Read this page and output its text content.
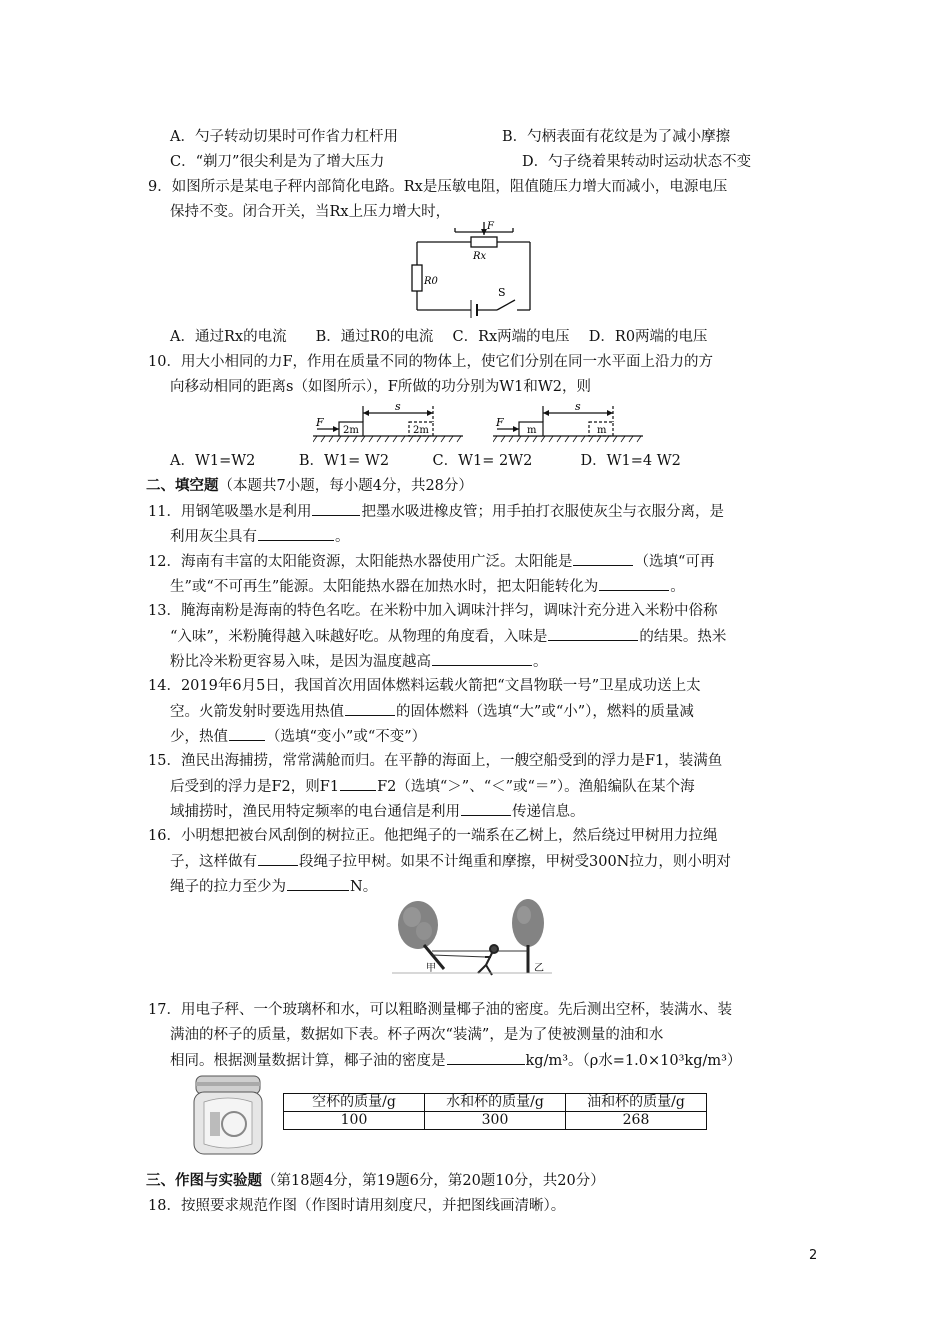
A．勺子转动切果时可作省力杠杆用	B．勺柄表面有花纹是为了减小摩擦
C．“剃刀”很尖利是为了增大压力	D．勺子绕着果转动时运动状态不变
9．如图所示是某电子秤内部简化电路。Rx是压敏电阻，阻值随压力增大而减小，电源电压
保持不变。闭合开关，当Rx上压力增大时，
F
Rx
R0
S
A．通过Rx的电流　　B．通过R0的电流　 C．Rx两端的电压　 D．R0两端的电压
10．用大小相同的力F，作用在质量不同的物体上，使它们分别在同一水平面上沿力的方
向移动相同的距离s（如图所示），F所做的功分别为W1和W2，则
F
s
2m	2m
F
s
m	m
A．W1=W2　　　B．W1= W2　　　C．W1= 2W2　　　 D．W1=4 W2
二、填空题（本题共7小题，每小题4分，共28分）
11．用钢笔吸墨水是利用	把墨水吸进橡皮管；用手拍打衣服使灰尘与衣服分离，是
利用灰尘具有	。
12．海南有丰富的太阳能资源，太阳能热水器使用广泛。太阳能是	（选填“可再
生”或“不可再生”能源。太阳能热水器在加热水时，把太阳能转化为	。
13．腌海南粉是海南的特色名吃。在米粉中加入调味汁拌匀，调味汁充分进入米粉中俗称
“入味”，米粉腌得越入味越好吃。从物理的角度看，入味是	的结果。热米
粉比冷米粉更容易入味，是因为温度越高	。
14．2019年6月5日，我国首次用固体燃料运载火箭把“文昌物联一号”卫星成功送上太
空。火箭发射时要选用热值	的固体燃料（选填“大”或“小”），燃料的质量减
少，热值	（选填“变小”或“不变”）
15．渔民出海捕捞，常常满舱而归。在平静的海面上，一艘空船受到的浮力是F1，装满鱼
后受到的浮力是F2，则F1	F2（选填“＞”、“＜”或“＝”）。渔船编队在某个海
域捕捞时，渔民用特定频率的电台通信是利用	传递信息。
16．小明想把被台风刮倒的树拉正。他把绳子的一端系在乙树上，然后绕过甲树用力拉绳
子，这样做有	段绳子拉甲树。如果不计绳重和摩擦，甲树受300N拉力，则小明对
绳子的拉力至少为	N。
甲	乙
17．用电子秤、一个玻璃杯和水，可以粗略测量椰子油的密度。先后测出空杯，装满水、装
满油的杯子的质量，数据如下表。杯子两次“装满”，是为了使被测量的油和水
相同。根据测量数据计算，椰子油的密度是	kg/m³。（ρ水=1.0×10³kg/m³）
空杯的质量/g	水和杯的质量/g	油和杯的质量/g
100	300	268
三、作图与实验题（第18题4分，第19题6分，第20题10分，共20分）
18．按照要求规范作图（作图时请用刻度尺，并把图线画清晰）。
2
